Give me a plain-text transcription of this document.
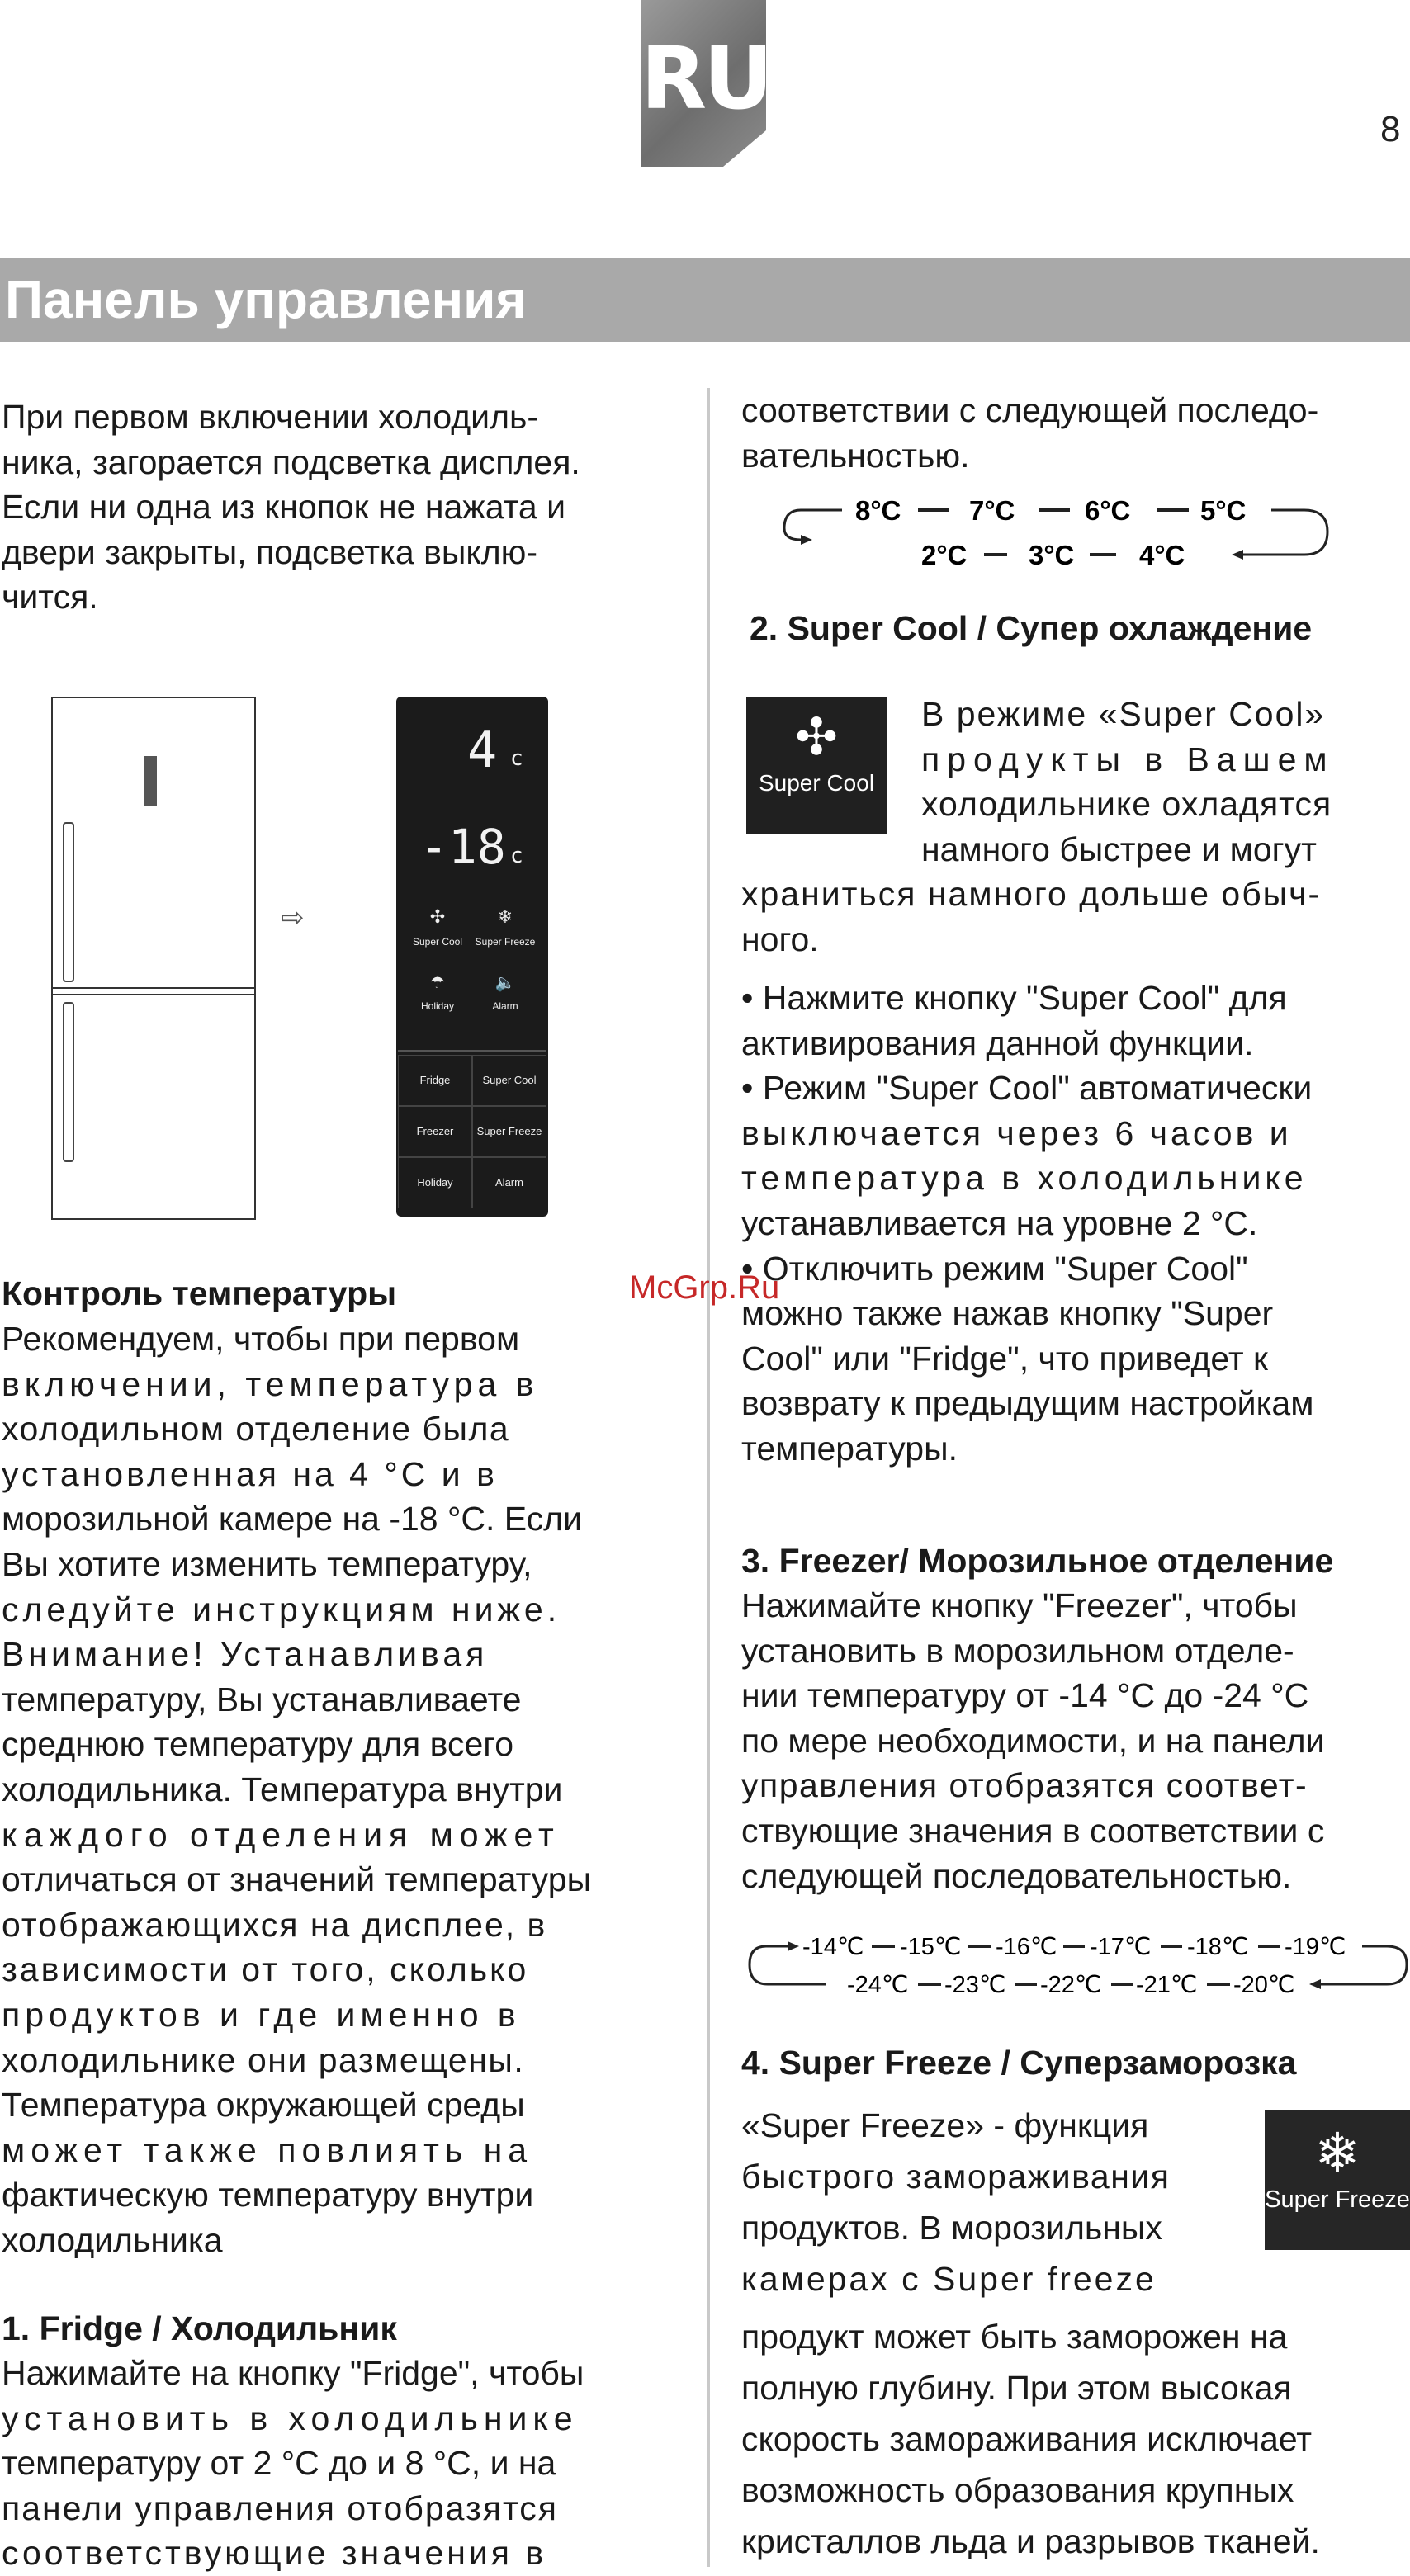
RU
8
Панель управления
При первом включении холодиль-
ника, загорается подсветка дисплея.
Если ни одна из кнопок не нажата и
двери закрыты, подсветка выклю-
чится.
⇨
4 c
-18 c
✣
Super Cool
❄
Super Freeze
☂
Holiday
🔈
Alarm
Fridge	Super Cool
Freezer	Super Freeze
Holiday	Alarm
McGrp.Ru
Контроль температуры
Рекомендуем, чтобы при первом
включении, температура в
холодильном отделение была
установленная на 4 °С и в
морозильной камере на -18 °С. Если
Вы хотите изменить температуру,
следуйте инструкциям ниже.
Внимание! Устанавливая
температуру, Вы устанавливаете
среднюю температуру для всего
холодильника. Температура внутри
каждого отделения может
отличаться от значений температуры
отображающихся на дисплее, в
зависимости от того, сколько
продуктов и где именно в
холодильнике они размещены.
Температура окружающей среды
может также повлиять на
фактическую температуру внутри
холодильника
1. Fridge / Холодильник
Нажимайте на кнопку "Fridge", чтобы
установить в холодильнике
температуру от 2 °С до и 8 °С, и на
панели управления отобразятся
соответствующие значения в
соответствии с следующей последо-
вательностью.
8°C	7°C	6°C	5°C
2°C 3°C 4°C
2. Super Cool / Супер охлаждение
✣
Super Cool
В режиме «Super Cool»
продукты в Вашем
холодильнике охладятся
намного быстрее и могут
храниться намного дольше обыч-
ного.
• Нажмите кнопку "Super Cool" для
активирования данной функции.
• Режим "Super Cool" автоматически
выключается через 6 часов и
температура в холодильнике
устанавливается на уровне 2 °С.
• Отключить режим "Super Cool"
можно также нажав кнопку "Super
Cool" или "Fridge", что приведет к
возврату к предыдущим настройкам
температуры.
3. Freezer/ Морозильное отделение
Нажимайте кнопку "Freezer", чтобы
установить в морозильном отделе-
нии температуру от -14 °С до -24 °С
по мере необходимости, и на панели
управления отобразятся соответ-
ствующие значения в соответствии с
следующей последовательностью.
-14℃ -15℃ -16℃ -17℃ -18℃ -19℃
-24℃ -23℃ -22℃ -21℃ -20℃
4. Super Freeze / Суперзаморозка
«Super Freeze» - функция
быстрого замораживания
продуктов. В морозильных
камерах с Super freeze
❄
Super Freeze
продукт может быть заморожен на
полную глубину. При этом высокая
скорость замораживания исключает
возможность образования крупных
кристаллов льда и разрывов тканей.
